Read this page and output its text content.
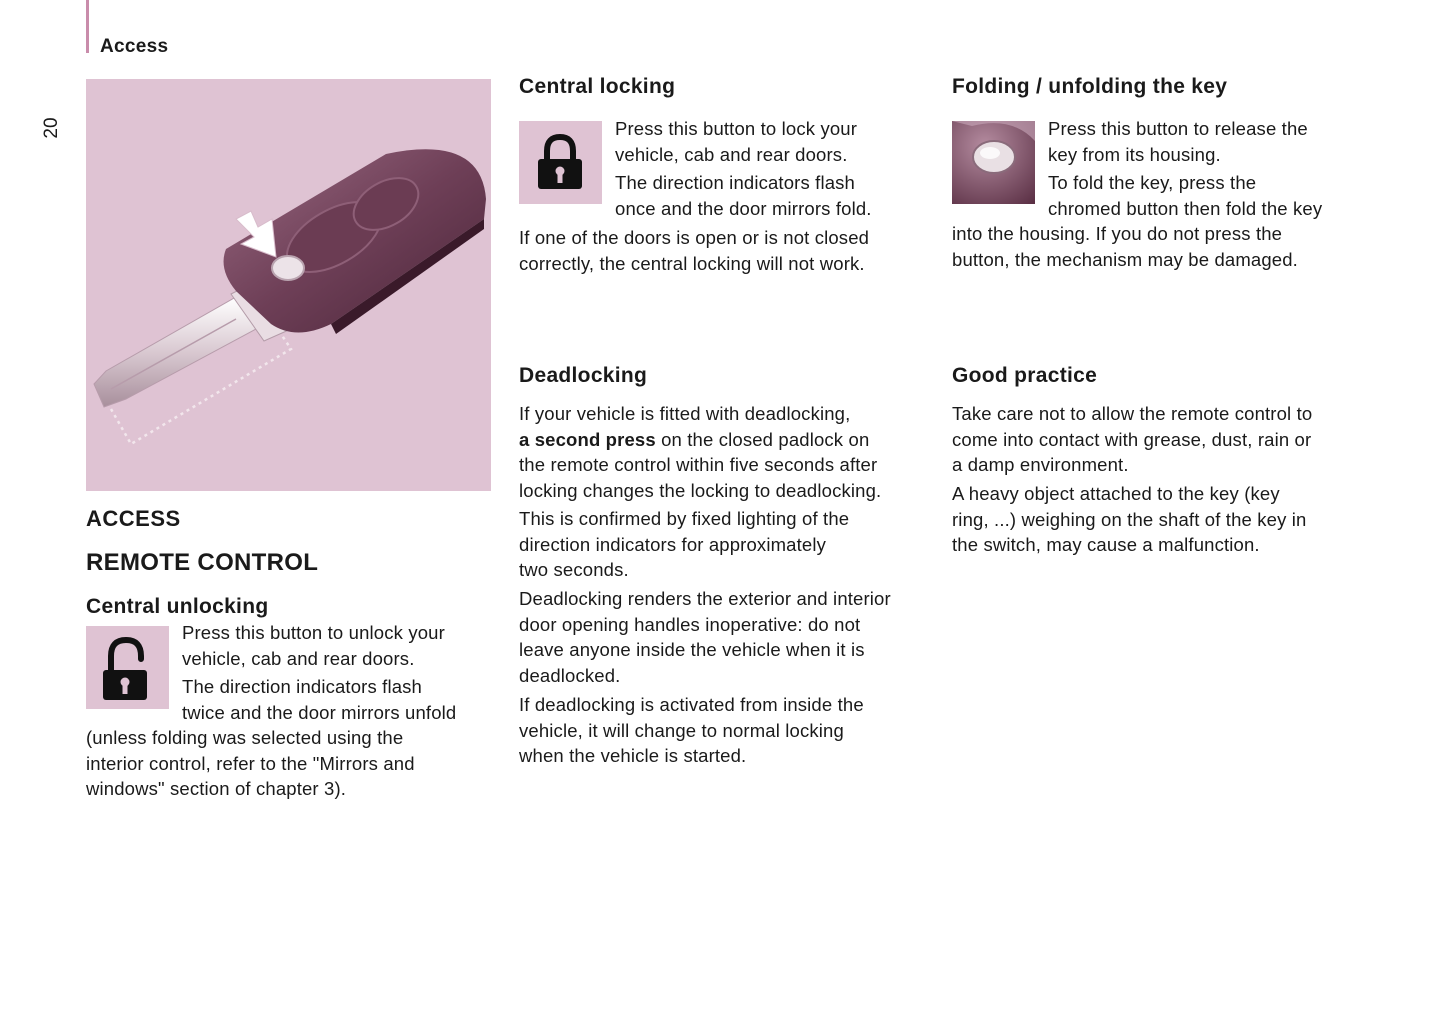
Access
20
ACCESS
REMOTE CONTROL
Central unlocking

Press this button to unlock your
vehicle, cab and rear doors.

The direction indicators flash
twice and the door mirrors unfold

(unless folding was selected using the
interior control, refer to the "Mirrors and
windows" section of chapter 3).

Central locking

Press this button to lock your
vehicle, cab and rear doors.

The direction indicators flash
once and the door mirrors fold.

If one of the doors is open or is not closed
correctly, the central locking will not work.

Deadlocking

If your vehicle is fitted with deadlocking,
a second press on the closed padlock on
the remote control within five seconds after
locking changes the locking to deadlocking.

This is confirmed by fixed lighting of the
direction indicators for approximately
two seconds.

Deadlocking renders the exterior and interior
door opening handles inoperative: do not
leave anyone inside the vehicle when it is
deadlocked.

If deadlocking is activated from inside the
vehicle, it will change to normal locking
when the vehicle is started.

Folding / unfolding the key

Press this button to release the
key from its housing.

To fold the key, press the
chromed button then fold the key

into the housing. If you do not press the
button, the mechanism may be damaged.

Good practice

Take care not to allow the remote control to
come into contact with grease, dust, rain or
a damp environment.

A heavy object attached to the key (key
ring, ...) weighing on the shaft of the key in
the switch, may cause a malfunction.
